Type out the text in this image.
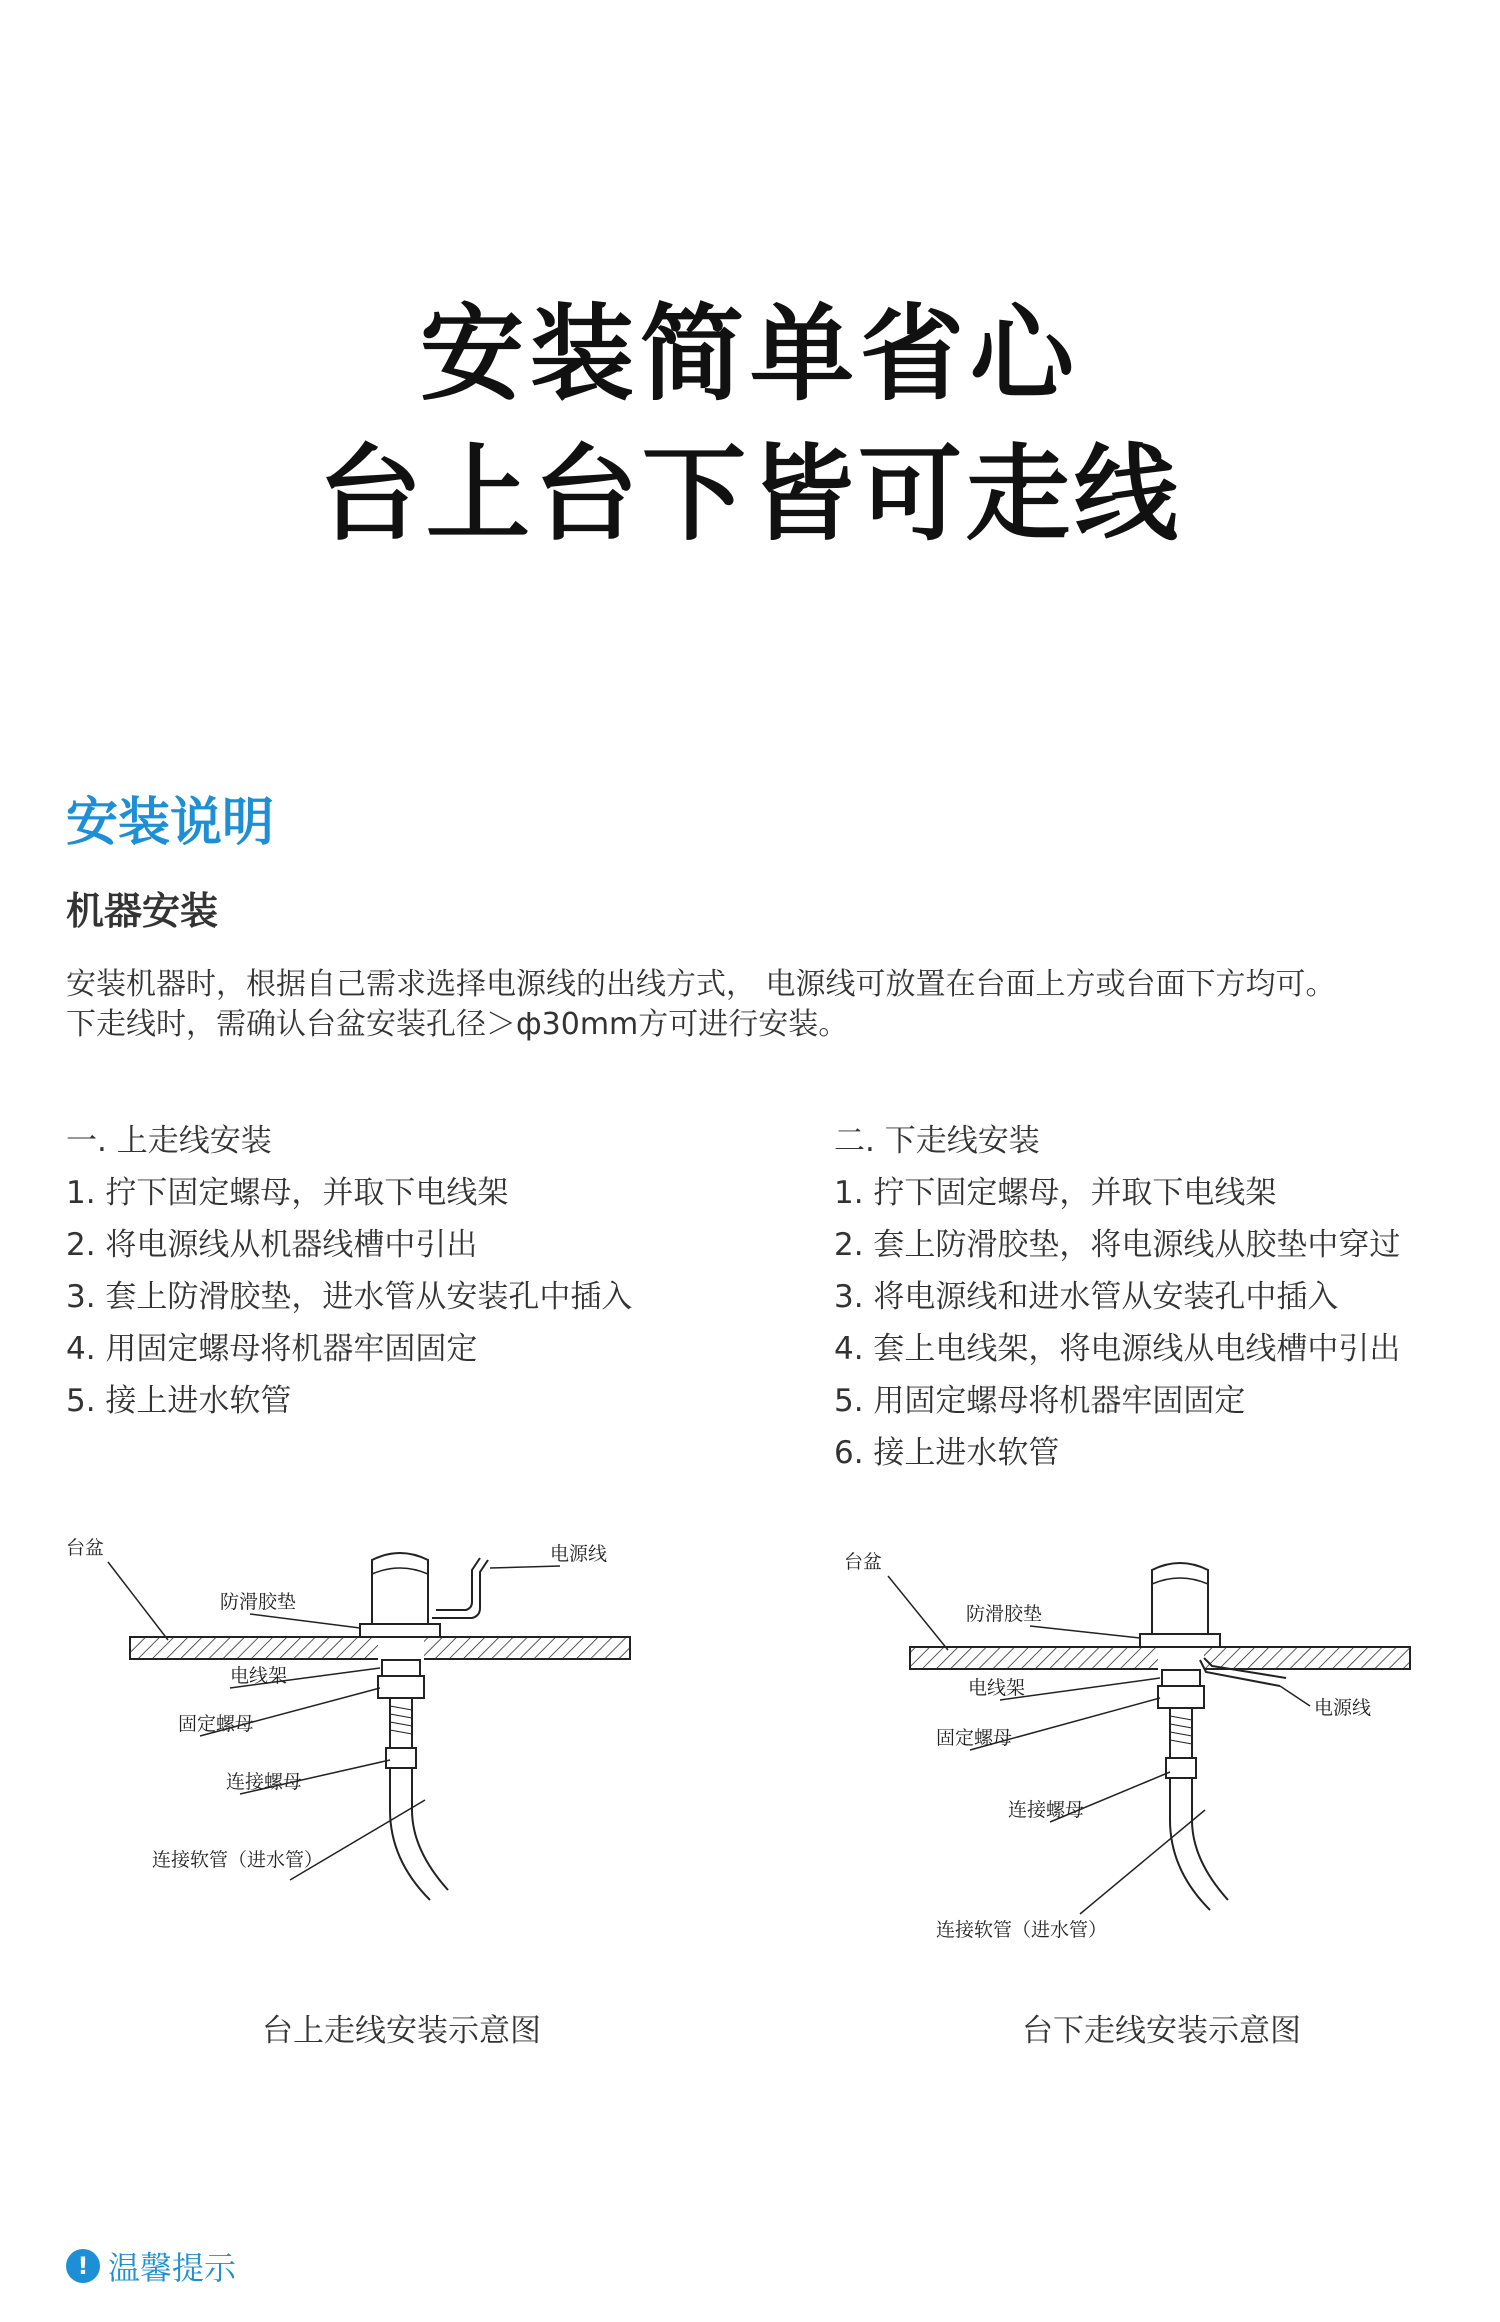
安装简单省心
台上台下皆可走线
安装说明
机器安装
安装机器时，根据自己需求选择电源线的出线方式， 电源线可放置在台面上方或台面下方均可。
下走线时，需确认台盆安装孔径＞ф30mm方可进行安装。
一. 上走线安装
1. 拧下固定螺母，并取下电线架
2. 将电源线从机器线槽中引出
3. 套上防滑胶垫，进水管从安装孔中插入
4. 用固定螺母将机器牢固固定
5. 接上进水软管
二. 下走线安装
1. 拧下固定螺母，并取下电线架
2. 套上防滑胶垫，将电源线从胶垫中穿过
3. 将电源线和进水管从安装孔中插入
4. 套上电线架，将电源线从电线槽中引出
5. 用固定螺母将机器牢固固定
6. 接上进水软管
台盆
防滑胶垫
电源线
电线架
固定螺母
连接螺母
连接软管（进水管）
台盆
防滑胶垫
电源线
电线架
固定螺母
连接螺母
连接软管（进水管）
台上走线安装示意图	台下走线安装示意图
! 温馨提示
